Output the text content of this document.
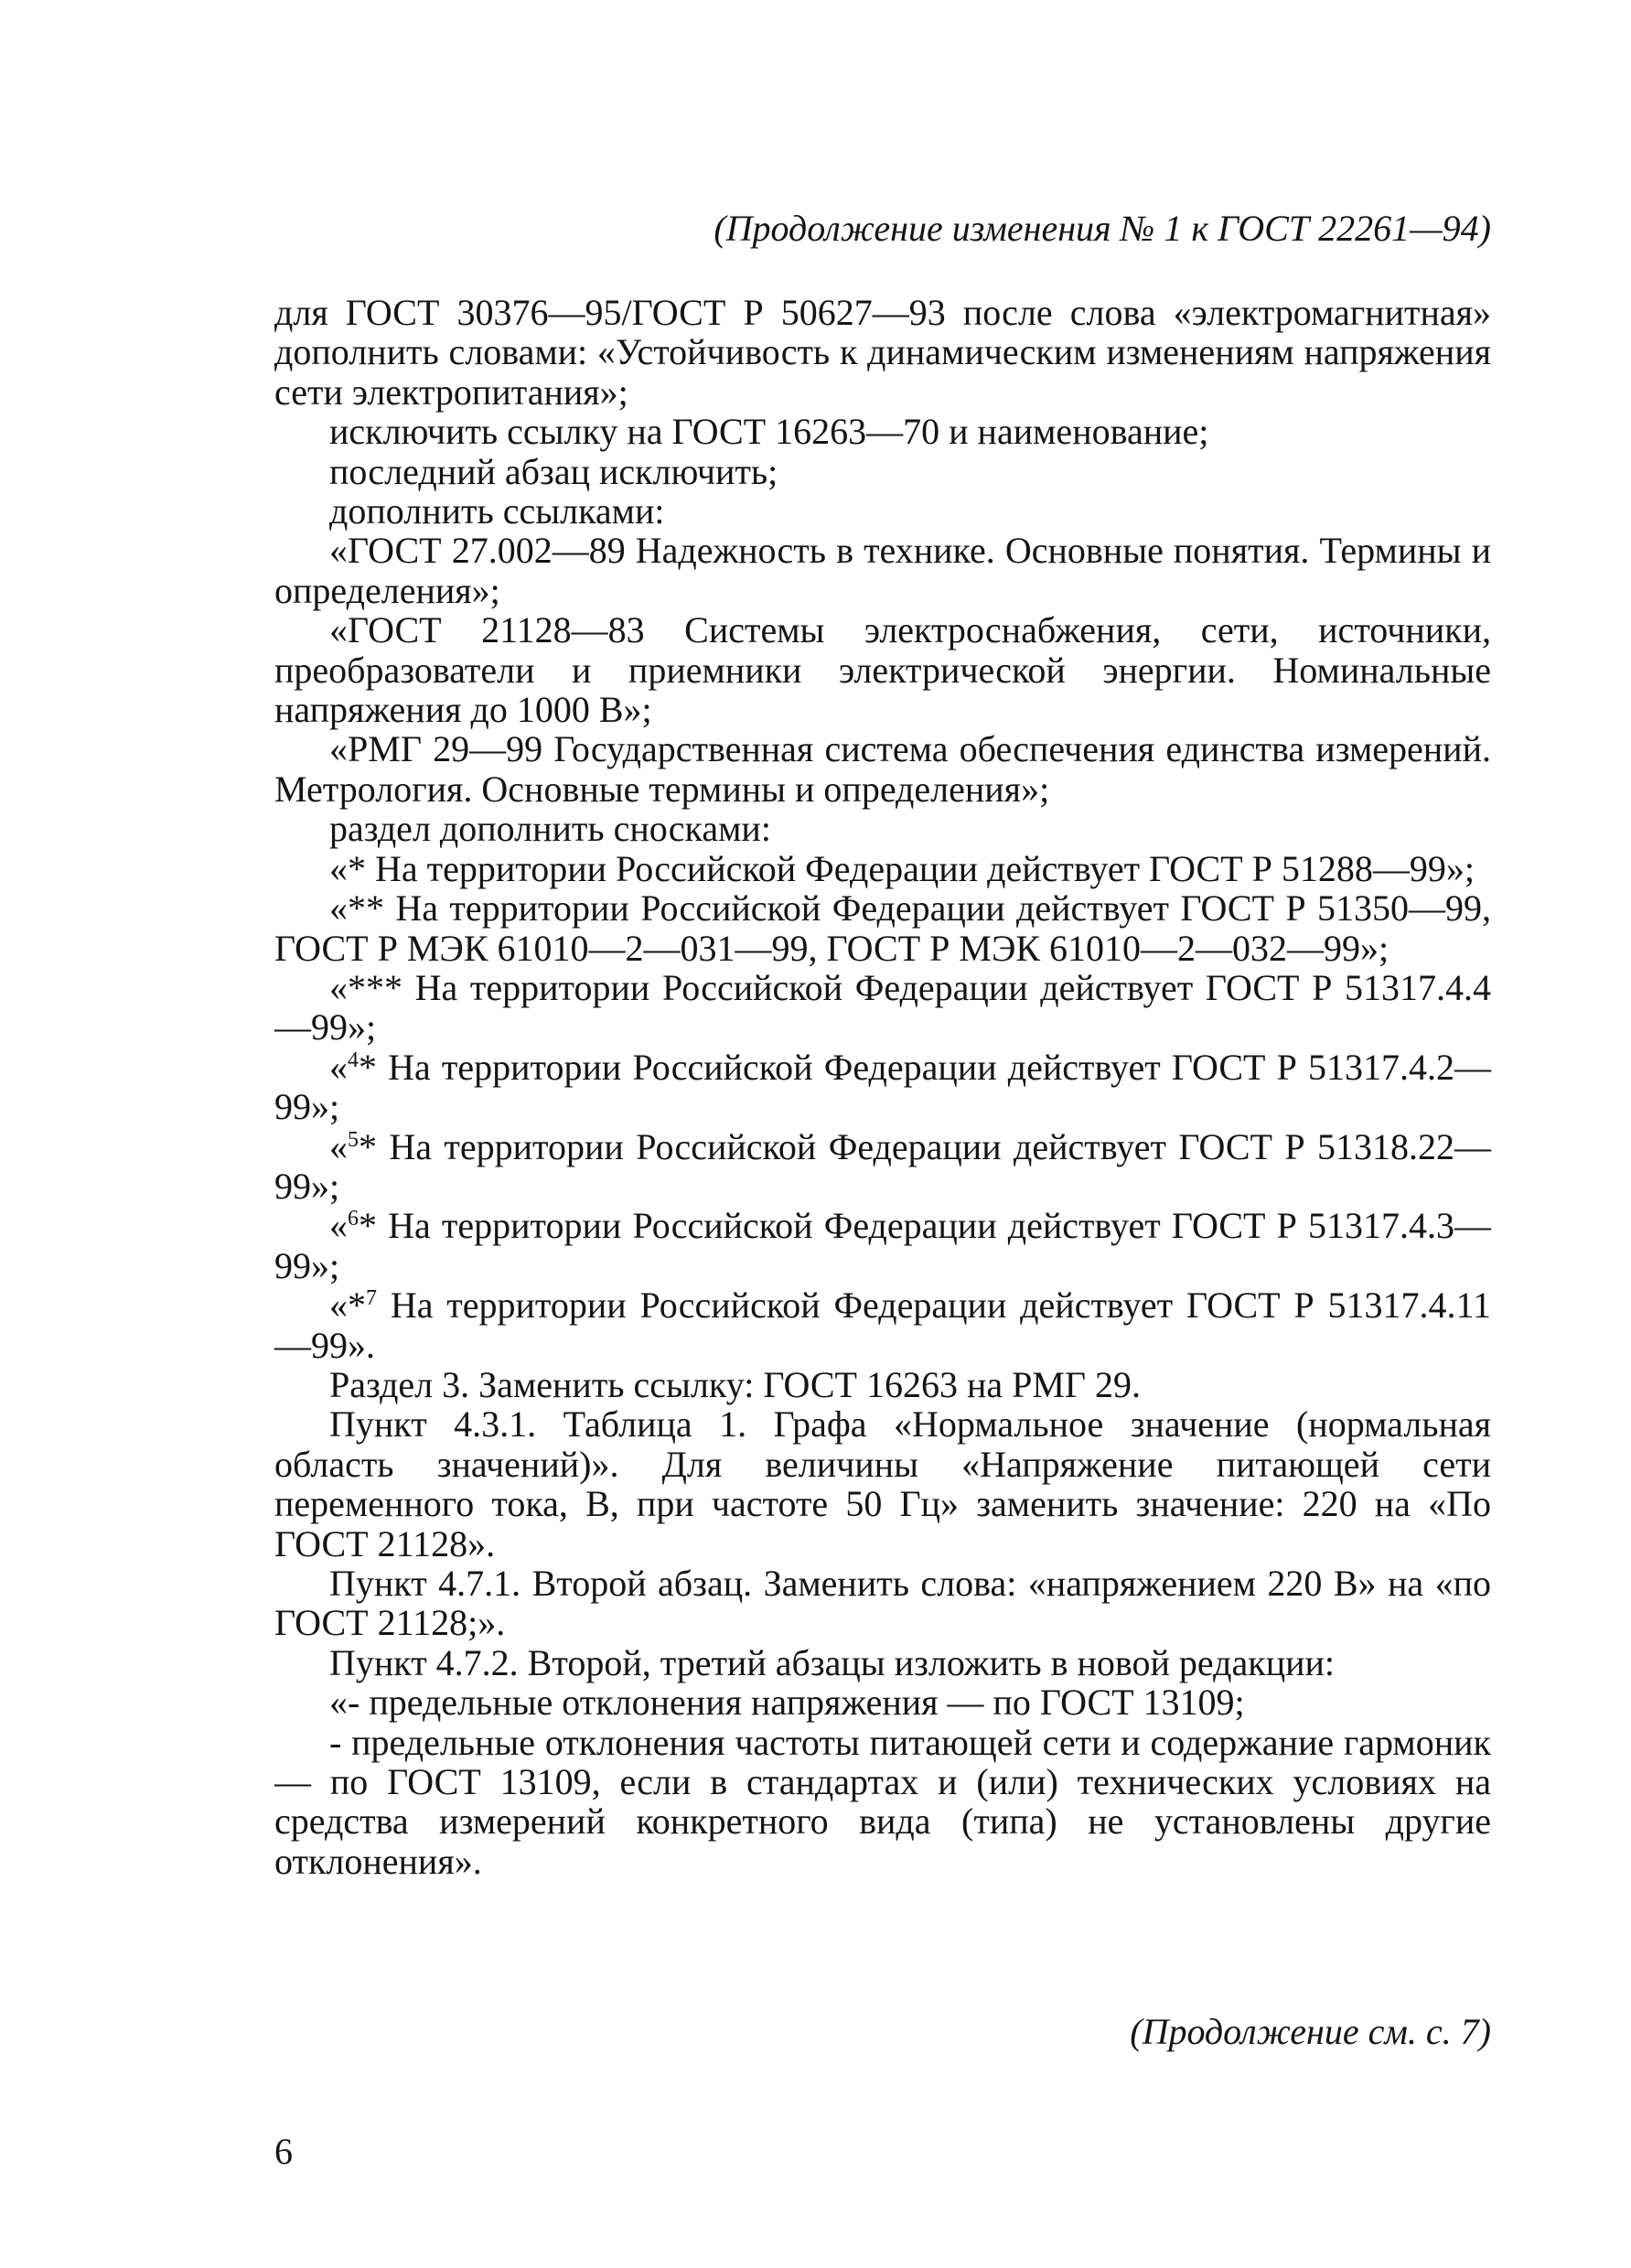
(Продолжение изменения № 1 к ГОСТ 22261—94)

для ГОСТ 30376—95/ГОСТ Р 50627—93 после слова «электромагнитная» дополнить словами: «Устойчивость к динамическим изменениям напряжения сети электропитания»;

исключить ссылку на ГОСТ 16263—70 и наименование;

последний абзац исключить;

дополнить ссылками:

«ГОСТ 27.002—89 Надежность в технике. Основные понятия. Термины и определения»;

«ГОСТ 21128—83 Системы электроснабжения, сети, источники, преобразователи и приемники электрической энергии. Номинальные напряжения до 1000 В»;

«РМГ 29—99 Государственная система обеспечения единства измерений. Метрология. Основные термины и определения»;

раздел дополнить сносками:

«* На территории Российской Федерации действует ГОСТ Р 51288—99»;

«** На территории Российской Федерации действует ГОСТ Р 51350—99, ГОСТ Р МЭК 61010—2—031—99, ГОСТ Р МЭК 61010—2—032—99»;

«*** На территории Российской Федерации действует ГОСТ Р 51317.4.4—99»;

«$^4$* На территории Российской Федерации действует ГОСТ Р 51317.4.2—99»;

«$^5$* На территории Российской Федерации действует ГОСТ Р 51318.22—99»;

«$^6$* На территории Российской Федерации действует ГОСТ Р 51317.4.3—99»;

«*$^7$ На территории Российской Федерации действует ГОСТ Р 51317.4.11—99».

Раздел 3. Заменить ссылку: ГОСТ 16263 на РМГ 29.

Пункт 4.3.1. Таблица 1. Графа «Нормальное значение (нормальная область значений)». Для величины «Напряжение питающей сети переменного тока, В, при частоте 50 Гц» заменить значение: 220 на «По ГОСТ 21128».

Пункт 4.7.1. Второй абзац. Заменить слова: «напряжением 220 В» на «по ГОСТ 21128;».

Пункт 4.7.2. Второй, третий абзацы изложить в новой редакции:

«- предельные отклонения напряжения — по ГОСТ 13109;

- предельные отклонения частоты питающей сети и содержание гармоник — по ГОСТ 13109, если в стандартах и (или) технических условиях на средства измерений конкретного вида (типа) не установлены другие отклонения».

(Продолжение см. с. 7)
6
